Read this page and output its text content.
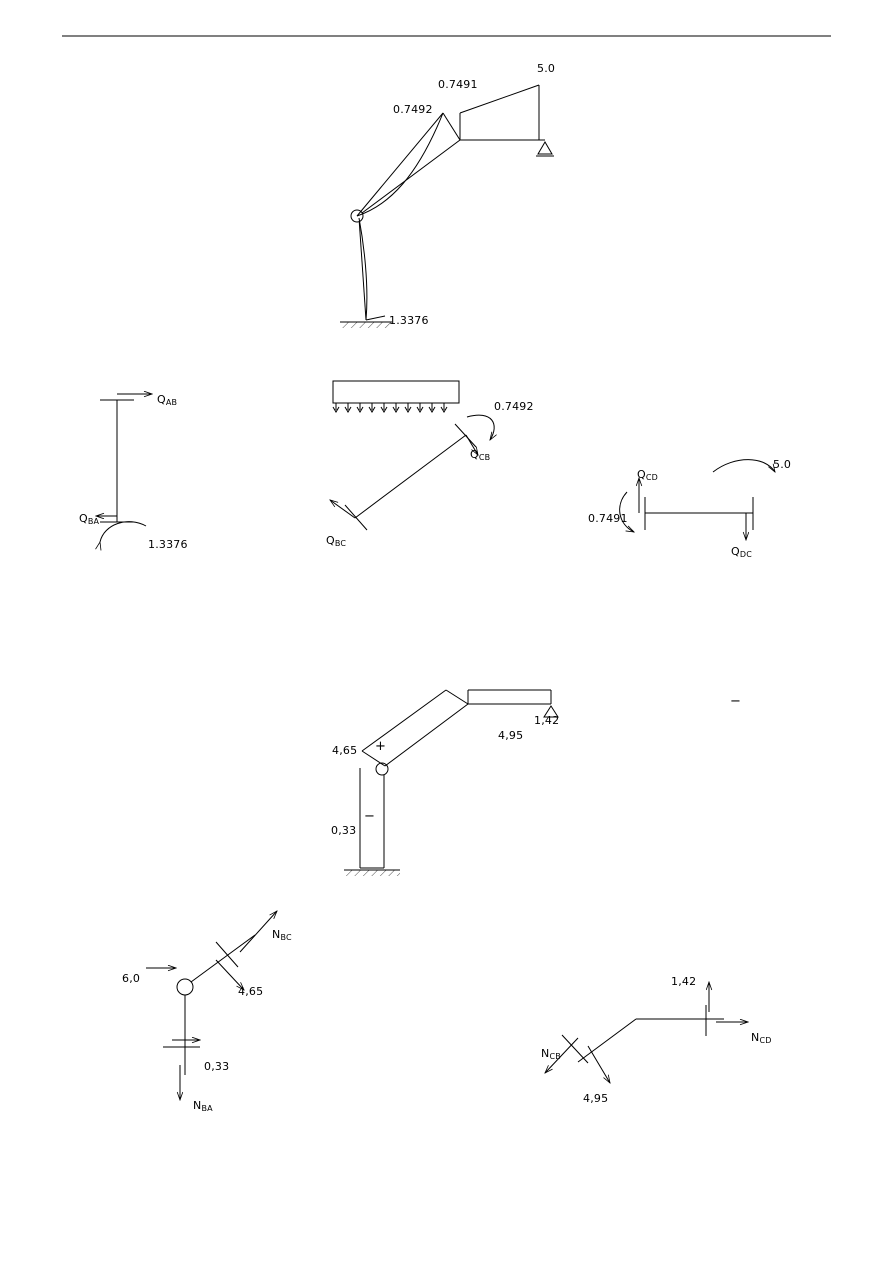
0.7491
5.0
0.7492
1.3376
$Q_{AB}$
$Q_{BA}$
1.3376
0.7492
$Q_{CB}$
$Q_{BC}$
$Q_{CD}$
5.0
0.7491
$Q_{DC}$
4,65
4,95
1,42
0,33
+
−
−
$N_{BC}$
6,0
4,65
0,33
$N_{BA}$
1,42
$N_{CD}$
$N_{CB}$
4,95
